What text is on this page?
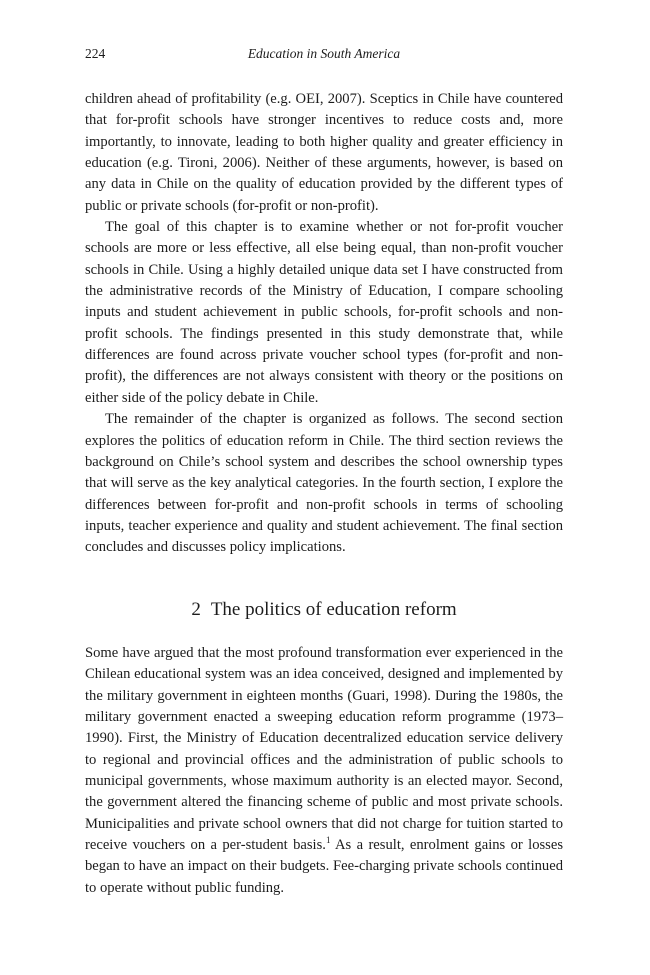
224	Education in South America

children ahead of profitability (e.g. OEI, 2007). Sceptics in Chile have countered that for-profit schools have stronger incentives to reduce costs and, more importantly, to innovate, leading to both higher quality and greater efficiency in education (e.g. Tironi, 2006). Neither of these arguments, however, is based on any data in Chile on the quality of education provided by the different types of public or private schools (for-profit or non-profit).

The goal of this chapter is to examine whether or not for-profit voucher schools are more or less effective, all else being equal, than non-profit voucher schools in Chile. Using a highly detailed unique data set I have constructed from the administrative records of the Ministry of Education, I compare schooling inputs and student achievement in public schools, for-profit schools and non-profit schools. The findings presented in this study demonstrate that, while differences are found across private voucher school types (for-profit and non-profit), the differences are not always consistent with theory or the positions on either side of the policy debate in Chile.

The remainder of the chapter is organized as follows. The second section explores the politics of education reform in Chile. The third section reviews the background on Chile’s school system and describes the school ownership types that will serve as the key analytical categories. In the fourth section, I explore the differences between for-profit and non-profit schools in terms of schooling inputs, teacher experience and quality and student achievement. The final section concludes and discusses policy implications.

2 The politics of education reform

Some have argued that the most profound transformation ever experienced in the Chilean educational system was an idea conceived, designed and implemented by the military government in eighteen months (Guari, 1998). During the 1980s, the military government enacted a sweeping education reform programme (1973–1990). First, the Ministry of Education decentralized education service delivery to regional and provincial offices and the administration of public schools to municipal governments, whose maximum authority is an elected mayor. Second, the government altered the financing scheme of public and most private schools. Municipalities and private school owners that did not charge for tuition started to receive vouchers on a per-student basis.$^1$ As a result, enrolment gains or losses began to have an impact on their budgets. Fee-charging private schools continued to operate without public funding.
